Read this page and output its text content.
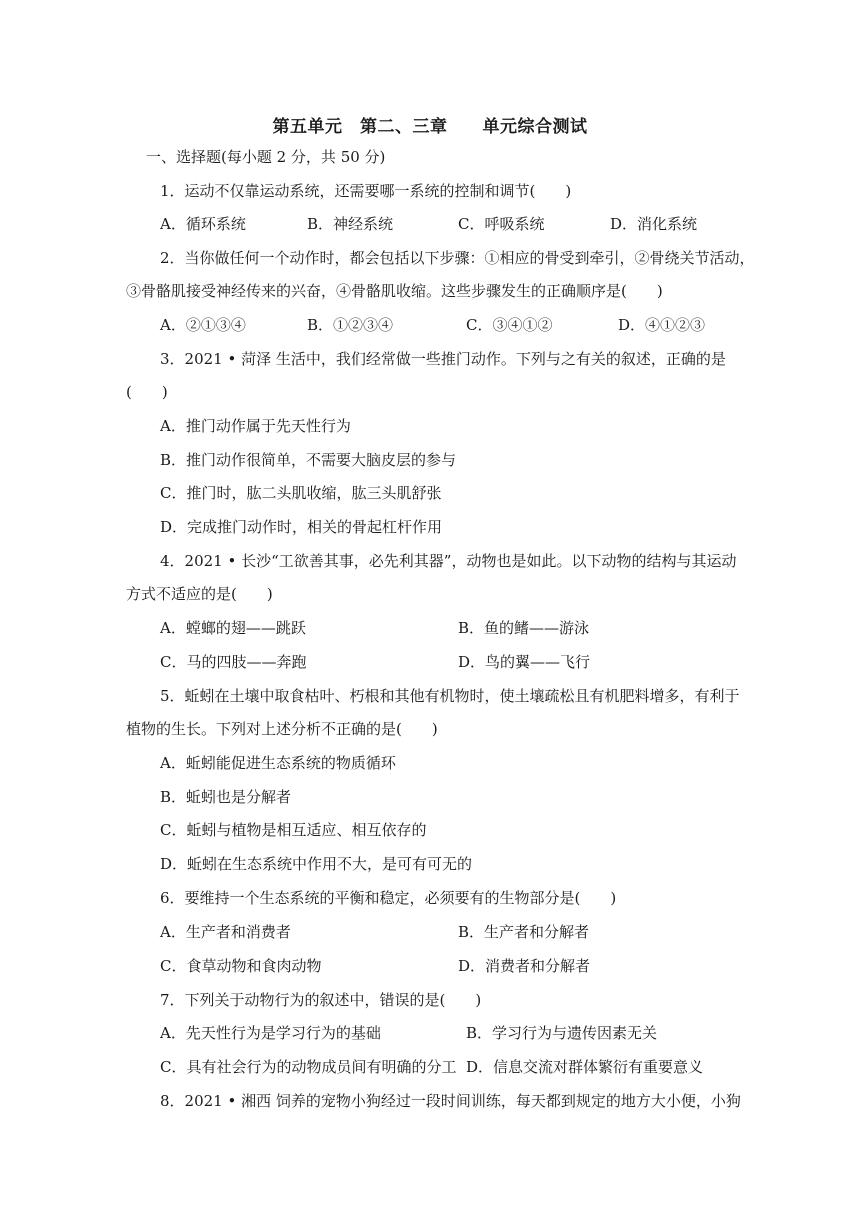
第五单元　第二、三章　　单元综合测试
一、选择题(每小题 2 分，共 50 分)
1．运动不仅靠运动系统，还需要哪一系统的控制和调节(　　)
A．循环系统	B．神经系统	C．呼吸系统	D．消化系统
2．当你做任何一个动作时，都会包括以下步骤：①相应的骨受到牵引，②骨绕关节活动，
③骨骼肌接受神经传来的兴奋，④骨骼肌收缩。这些步骤发生的正确顺序是(　　)
A．②①③④	B．①②③④	C．③④①②	D．④①②③
3．2021 • 菏泽 生活中，我们经常做一些推门动作。下列与之有关的叙述，正确的是
(　　)
A．推门动作属于先天性行为
B．推门动作很简单，不需要大脑皮层的参与
C．推门时，肱二头肌收缩，肱三头肌舒张
D．完成推门动作时，相关的骨起杠杆作用
4．2021 • 长沙“工欲善其事，必先利其器”，动物也是如此。以下动物的结构与其运动
方式不适应的是(　　)
A．螳螂的翅——跳跃	B．鱼的鳍——游泳
C．马的四肢——奔跑	D．鸟的翼——飞行
5．蚯蚓在土壤中取食枯叶、朽根和其他有机物时，使土壤疏松且有机肥料增多，有利于
植物的生长。下列对上述分析不正确的是(　　)
A．蚯蚓能促进生态系统的物质循环
B．蚯蚓也是分解者
C．蚯蚓与植物是相互适应、相互依存的
D．蚯蚓在生态系统中作用不大，是可有可无的
6．要维持一个生态系统的平衡和稳定，必须要有的生物部分是(　　)
A．生产者和消费者	B．生产者和分解者
C．食草动物和食肉动物	D．消费者和分解者
7．下列关于动物行为的叙述中，错误的是(　　)
A．先天性行为是学习行为的基础	B．学习行为与遗传因素无关
C．具有社会行为的动物成员间有明确的分工 D．信息交流对群体繁衍有重要意义
8．2021 • 湘西 饲养的宠物小狗经过一段时间训练，每天都到规定的地方大小便，小狗
